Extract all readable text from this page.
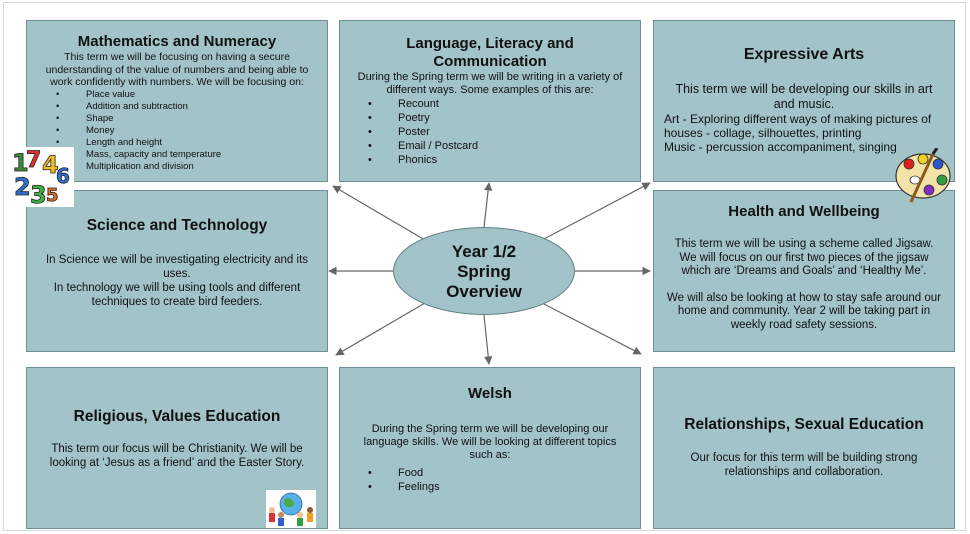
Mathematics and Numeracy

This term we will be focusing on having a secure understanding of the value of numbers and being able to work confidently with numbers. We will be focusing on:

• Place value
• Addition and subtraction
• Shape
• Money
• Length and height
• Mass, capacity and temperature
• Multiplication and division
Language, Literacy and Communication

During the Spring term we will be writing in a variety of different ways. Some examples of this are:

• Recount
• Poetry
• Poster
• Email / Postcard
• Phonics
Expressive Arts

This term we will be developing our skills in art and music.

Art - Exploring different ways of making pictures of houses - collage, silhouettes, printing

Music - percussion accompaniment, singing

Science and Technology

In Science we will be investigating electricity and its uses.

In technology we will be using tools and different techniques to create bird feeders.

Health and Wellbeing

This term we will be using a scheme called Jigsaw. We will focus on our first two pieces of the jigsaw which are ‘Dreams and Goals’ and ‘Healthy Me’.

We will also be looking at how to stay safe around our home and community. Year 2 will be taking part in weekly road safety sessions.

Religious, Values Education

This term our focus will be Christianity. We will be looking at ‘Jesus as a friend’ and the Easter Story.

Welsh

During the Spring term we will be developing our language skills. We will be looking at different topics such as:

• Food
• Feelings
Relationships, Sexual Education

Our focus for this term will be building strong relationships and collaboration.

Year 1/2
Spring
Overview
1
7 4
6
2 3 5
